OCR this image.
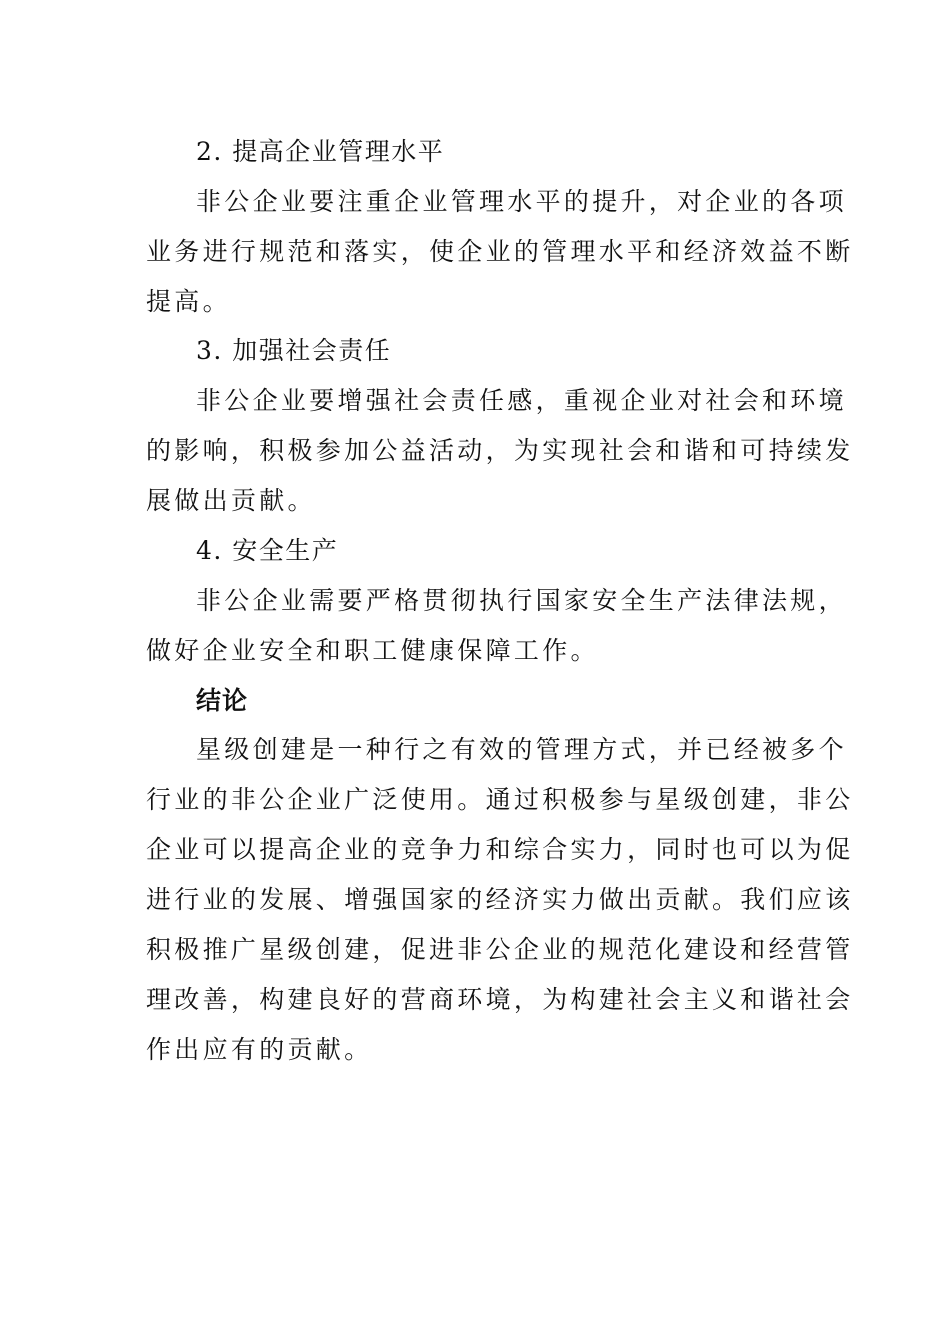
2. 提高企业管理水平
非公企业要注重企业管理水平的提升，对企业的各项
业务进行规范和落实，使企业的管理水平和经济效益不断
提高。
3. 加强社会责任
非公企业要增强社会责任感，重视企业对社会和环境
的影响，积极参加公益活动，为实现社会和谐和可持续发
展做出贡献。
4. 安全生产
非公企业需要严格贯彻执行国家安全生产法律法规，
做好企业安全和职工健康保障工作。
结论
星级创建是一种行之有效的管理方式，并已经被多个
行业的非公企业广泛使用。通过积极参与星级创建，非公
企业可以提高企业的竞争力和综合实力，同时也可以为促
进行业的发展、增强国家的经济实力做出贡献。我们应该
积极推广星级创建，促进非公企业的规范化建设和经营管
理改善，构建良好的营商环境，为构建社会主义和谐社会
作出应有的贡献。
